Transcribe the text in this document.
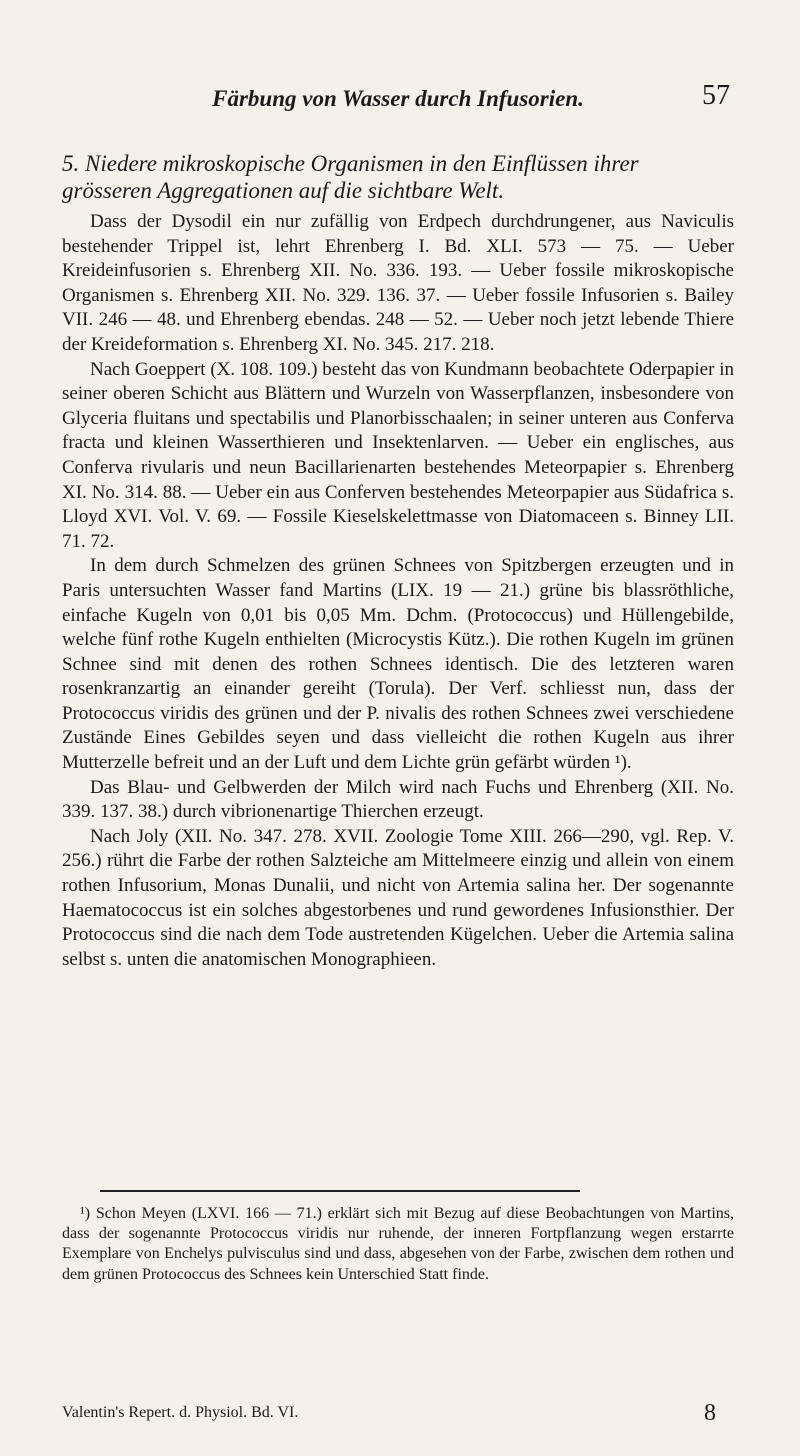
Färbung von Wasser durch Infusorien.	57
5. Niedere mikroskopische Organismen in den Einflüssen ihrer grösseren Aggregationen auf die sichtbare Welt.

Dass der Dysodil ein nur zufällig von Erdpech durchdrungener, aus Naviculis bestehender Trippel ist, lehrt Ehrenberg I. Bd. XLI. 573 — 75. — Ueber Kreideinfusorien s. Ehrenberg XII. No. 336. 193. — Ueber fossile mikroskopische Organismen s. Ehrenberg XII. No. 329. 136. 37. — Ueber fossile Infusorien s. Bailey VII. 246 — 48. und Ehrenberg ebendas. 248 — 52. — Ueber noch jetzt lebende Thiere der Kreideformation s. Ehrenberg XI. No. 345. 217. 218.

Nach Goeppert (X. 108. 109.) besteht das von Kundmann beobachtete Oderpapier in seiner oberen Schicht aus Blättern und Wurzeln von Wasserpflanzen, insbesondere von Glyceria fluitans und spectabilis und Planorbisschaalen; in seiner unteren aus Conferva fracta und kleinen Wasserthieren und Insektenlarven. — Ueber ein englisches, aus Conferva rivularis und neun Bacillarienarten bestehendes Meteorpapier s. Ehrenberg XI. No. 314. 88. — Ueber ein aus Conferven bestehendes Meteorpapier aus Südafrica s. Lloyd XVI. Vol. V. 69. — Fossile Kieselskelettmasse von Diatomaceen s. Binney LII. 71. 72.

In dem durch Schmelzen des grünen Schnees von Spitzbergen erzeugten und in Paris untersuchten Wasser fand Martins (LIX. 19 — 21.) grüne bis blassröthliche, einfache Kugeln von 0,01 bis 0,05 Mm. Dchm. (Protococcus) und Hüllengebilde, welche fünf rothe Kugeln enthielten (Microcystis Kütz.). Die rothen Kugeln im grünen Schnee sind mit denen des rothen Schnees identisch. Die des letzteren waren rosenkranzartig an einander gereiht (Torula). Der Verf. schliesst nun, dass der Protococcus viridis des grünen und der P. nivalis des rothen Schnees zwei verschiedene Zustände Eines Gebildes seyen und dass vielleicht die rothen Kugeln aus ihrer Mutterzelle befreit und an der Luft und dem Lichte grün gefärbt würden ¹).

Das Blau- und Gelbwerden der Milch wird nach Fuchs und Ehrenberg (XII. No. 339. 137. 38.) durch vibrionenartige Thierchen erzeugt.

Nach Joly (XII. No. 347. 278. XVII. Zoologie Tome XIII. 266—290, vgl. Rep. V. 256.) rührt die Farbe der rothen Salzteiche am Mittelmeere einzig und allein von einem rothen Infusorium, Monas Dunalii, und nicht von Artemia salina her. Der sogenannte Haematococcus ist ein solches abgestorbenes und rund gewordenes Infusionsthier. Der Protococcus sind die nach dem Tode austretenden Kügelchen. Ueber die Artemia salina selbst s. unten die anatomischen Monographieen.

¹) Schon Meyen (LXVI. 166 — 71.) erklärt sich mit Bezug auf diese Beobachtungen von Martins, dass der sogenannte Protococcus viridis nur ruhende, der inneren Fortpflanzung wegen erstarrte Exemplare von Enchelys pulvisculus sind und dass, abgesehen von der Farbe, zwischen dem rothen und dem grünen Protococcus des Schnees kein Unterschied Statt finde.

Valentin's Repert. d. Physiol. Bd. VI.	8
